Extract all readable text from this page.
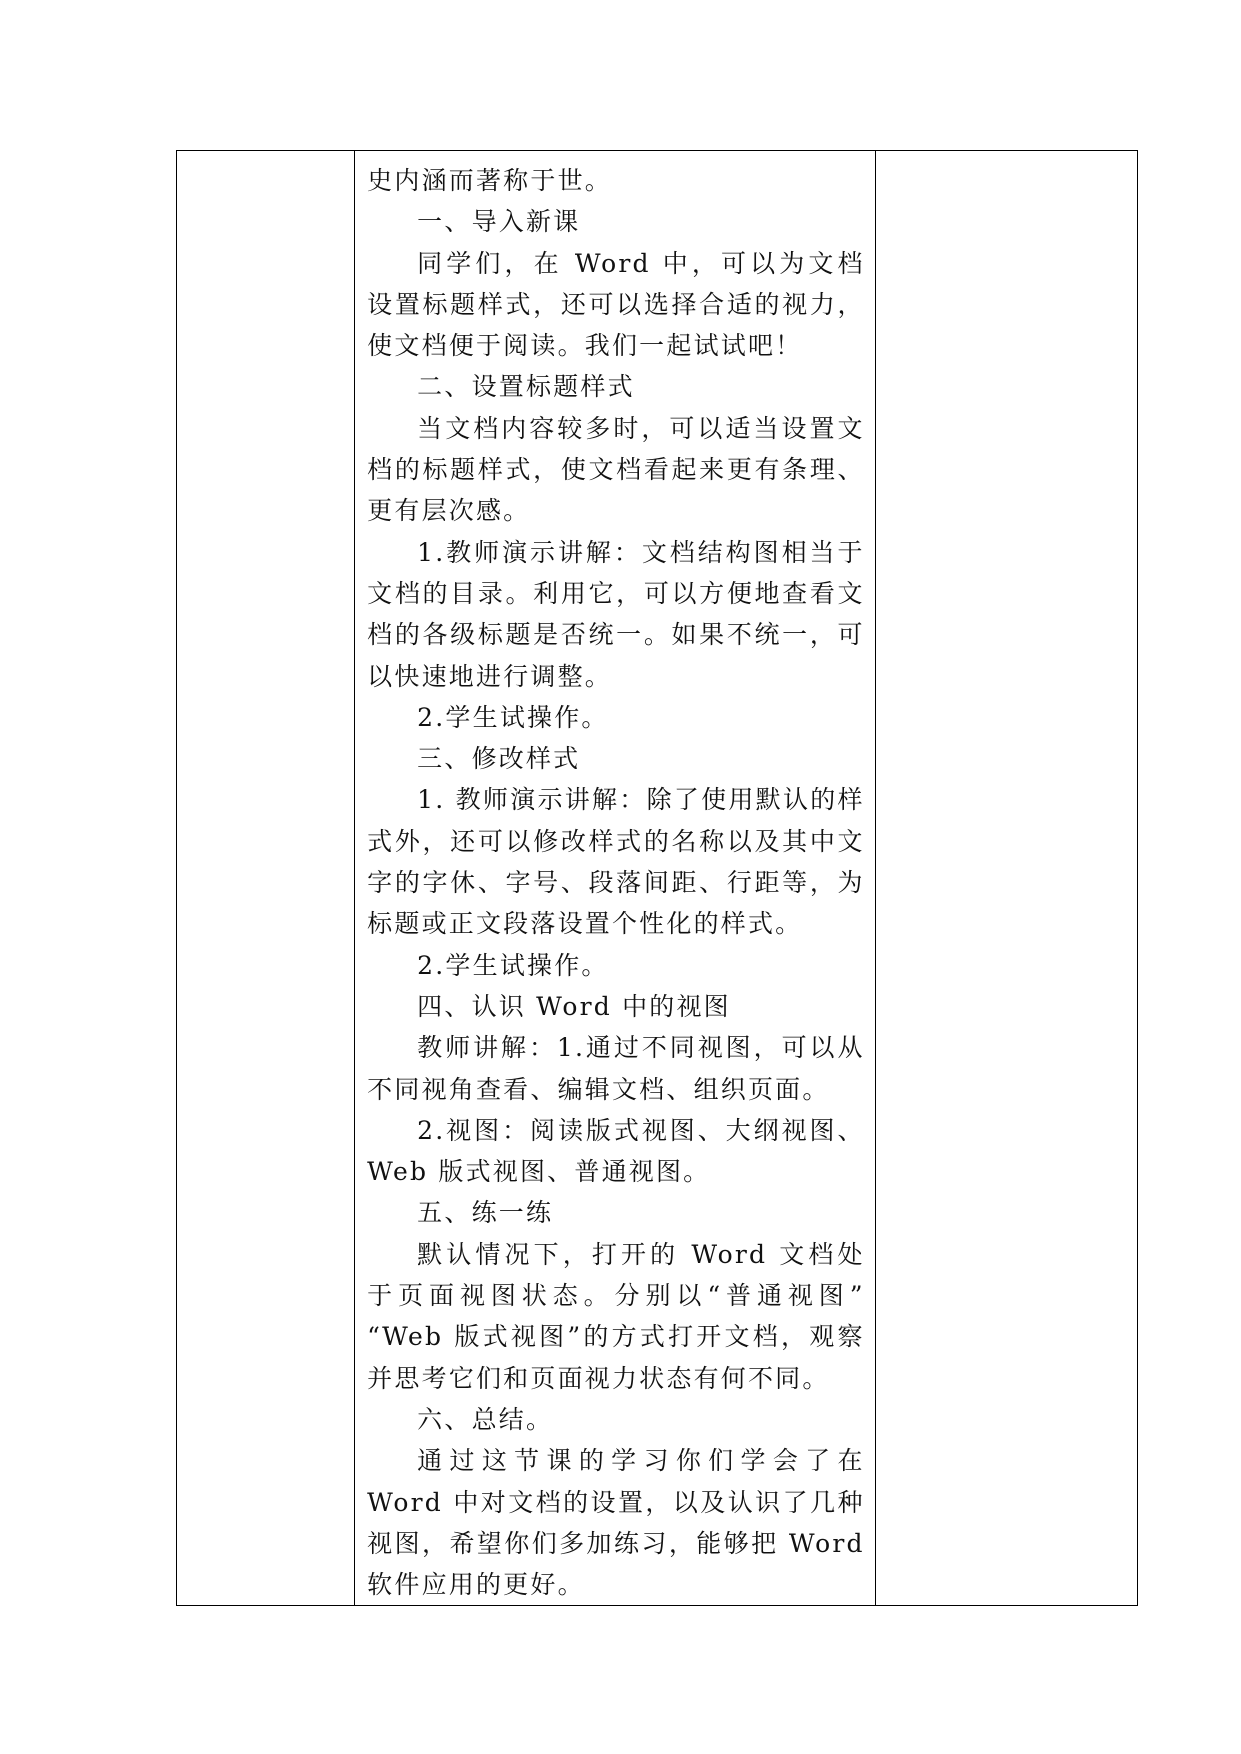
史内涵而著称于世。

一、导入新课

同学们，在 Word 中，可以为文档设置标题样式，还可以选择合适的视力，使文档便于阅读。我们一起试试吧！

二、设置标题样式

当文档内容较多时，可以适当设置文档的标题样式，使文档看起来更有条理、更有层次感。

1.教师演示讲解：文档结构图相当于文档的目录。利用它，可以方便地查看文档的各级标题是否统一。如果不统一，可以快速地进行调整。

2.学生试操作。

三、修改样式

1. 教师演示讲解：除了使用默认的样式外，还可以修改样式的名称以及其中文字的字休、字号、段落间距、行距等，为标题或正文段落设置个性化的样式。

2.学生试操作。

四、认识 Word 中的视图

教师讲解：1.通过不同视图，可以从不同视角查看、编辑文档、组织页面。

2.视图：阅读版式视图、大纲视图、Web 版式视图、普通视图。

五、练一练

默认情况下，打开的 Word 文档处于页面视图状态。分别以“普通视图” “Web 版式视图”的方式打开文档，观察并思考它们和页面视力状态有何不同。

六、总结。

通过这节课的学习你们学会了在 Word 中对文档的设置，以及认识了几种视图，希望你们多加练习，能够把 Word 软件应用的更好。
